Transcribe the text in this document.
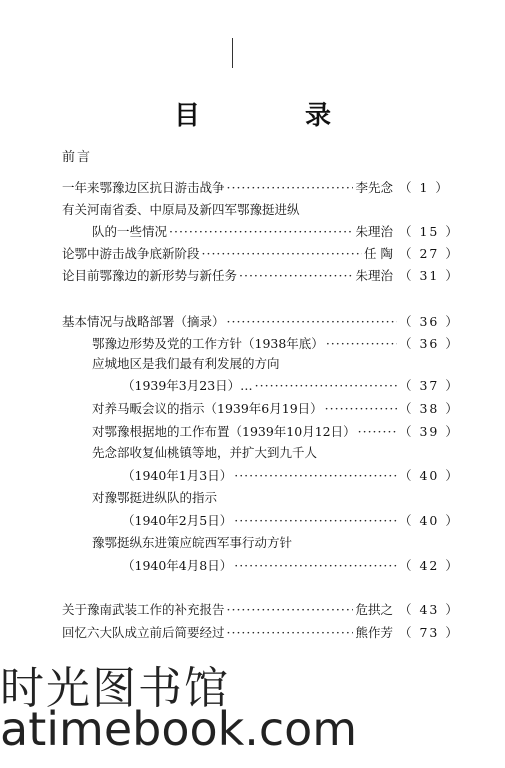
目 录
前言
一年来鄂豫边区抗日游击战争 ·····	李先念 （ 1 ）
有关河南省委、中原局及新四军鄂豫挺进纵
队的一些情况 ·····	朱理治 （ 15 ）
论鄂中游击战争底新阶段 ·····	任 陶 （ 27 ）
论目前鄂豫边的新形势与新任务 ·····	朱理治 （ 31 ）
基本情况与战略部署（摘录） ·····	（ 36 ）
鄂豫边形势及党的工作方针（1938年底） ·····	（ 36 ）
应城地区是我们最有利发展的方向
（1939年3月23日）… ·····	（ 37 ）
对养马畈会议的指示（1939年6月19日） ·····	（ 38 ）
对鄂豫根据地的工作布置（1939年10月12日） ·····	（ 39 ）
先念部收复仙桃镇等地，并扩大到九千人
（1940年1月3日） ·····	（ 40 ）
对豫鄂挺进纵队的指示
（1940年2月5日） ·····	（ 40 ）
豫鄂挺纵东进策应皖西军事行动方针
（1940年4月8日） ·····	（ 42 ）
关于豫南武装工作的补充报告 ·····	危拱之 （ 43 ）
回忆六大队成立前后简要经过 ·····	熊作芳 （ 73 ）
时光图书馆
atimebook.com
